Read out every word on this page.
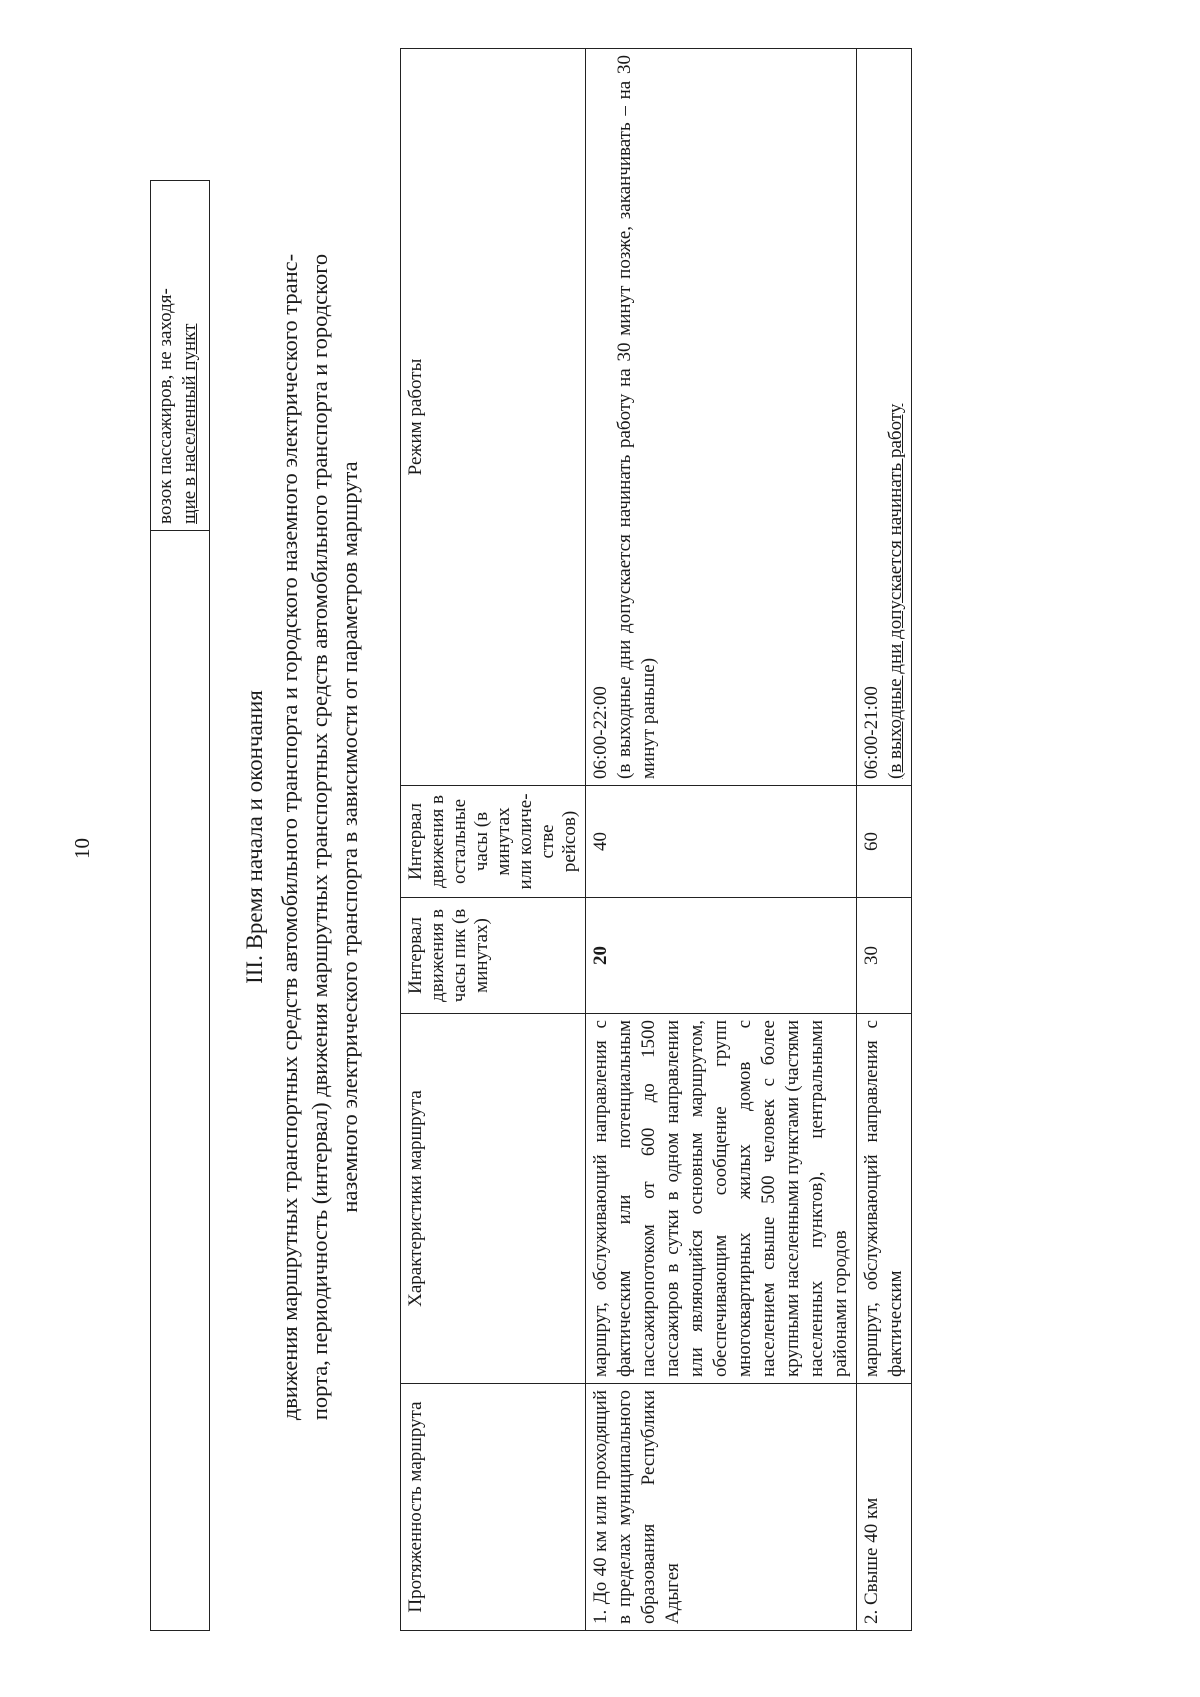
10

возок пассажиров, не заходя- щие в населенный пункт
III. Время начала и окончания движения маршрутных транспортных средств автомобильного транспорта и городского наземного электрического транс- порта, периодичность (интервал) движения маршрутных транспортных средств автомобильного транспорта и городского наземного электрического транспорта в зависимости от параметров маршрута
Протяженность маршрута	Характеристики маршрута	Интервал движения в часы пик (в минутах)	Интервал движения в остальные часы (в минутах или количе-стве рейсов)	Режим работы
1. До 40 км или проходящий в пределах муниципального образования Республики Адыгея	маршрут, обслуживающий направления с фактическим или потенциальным пассажиропотоком от 600 до 1500 пассажиров в сутки в одном направлении или являющийся основным маршрутом, обеспечивающим сообщение групп многоквартирных жилых домов с населением свыше 500 человек с более крупными населенными пунктами (частями населенных пунктов), центральными районами городов	20	40	06:00-22:00 (в выходные дни допускается начинать работу на 30 минут позже, заканчивать – на 30 минут раньше)

2. Свыше 40 км	маршрут, обслуживающий направления с фактическим	30	60	06:00-21:00 (в выходные дни допускается начинать работу
